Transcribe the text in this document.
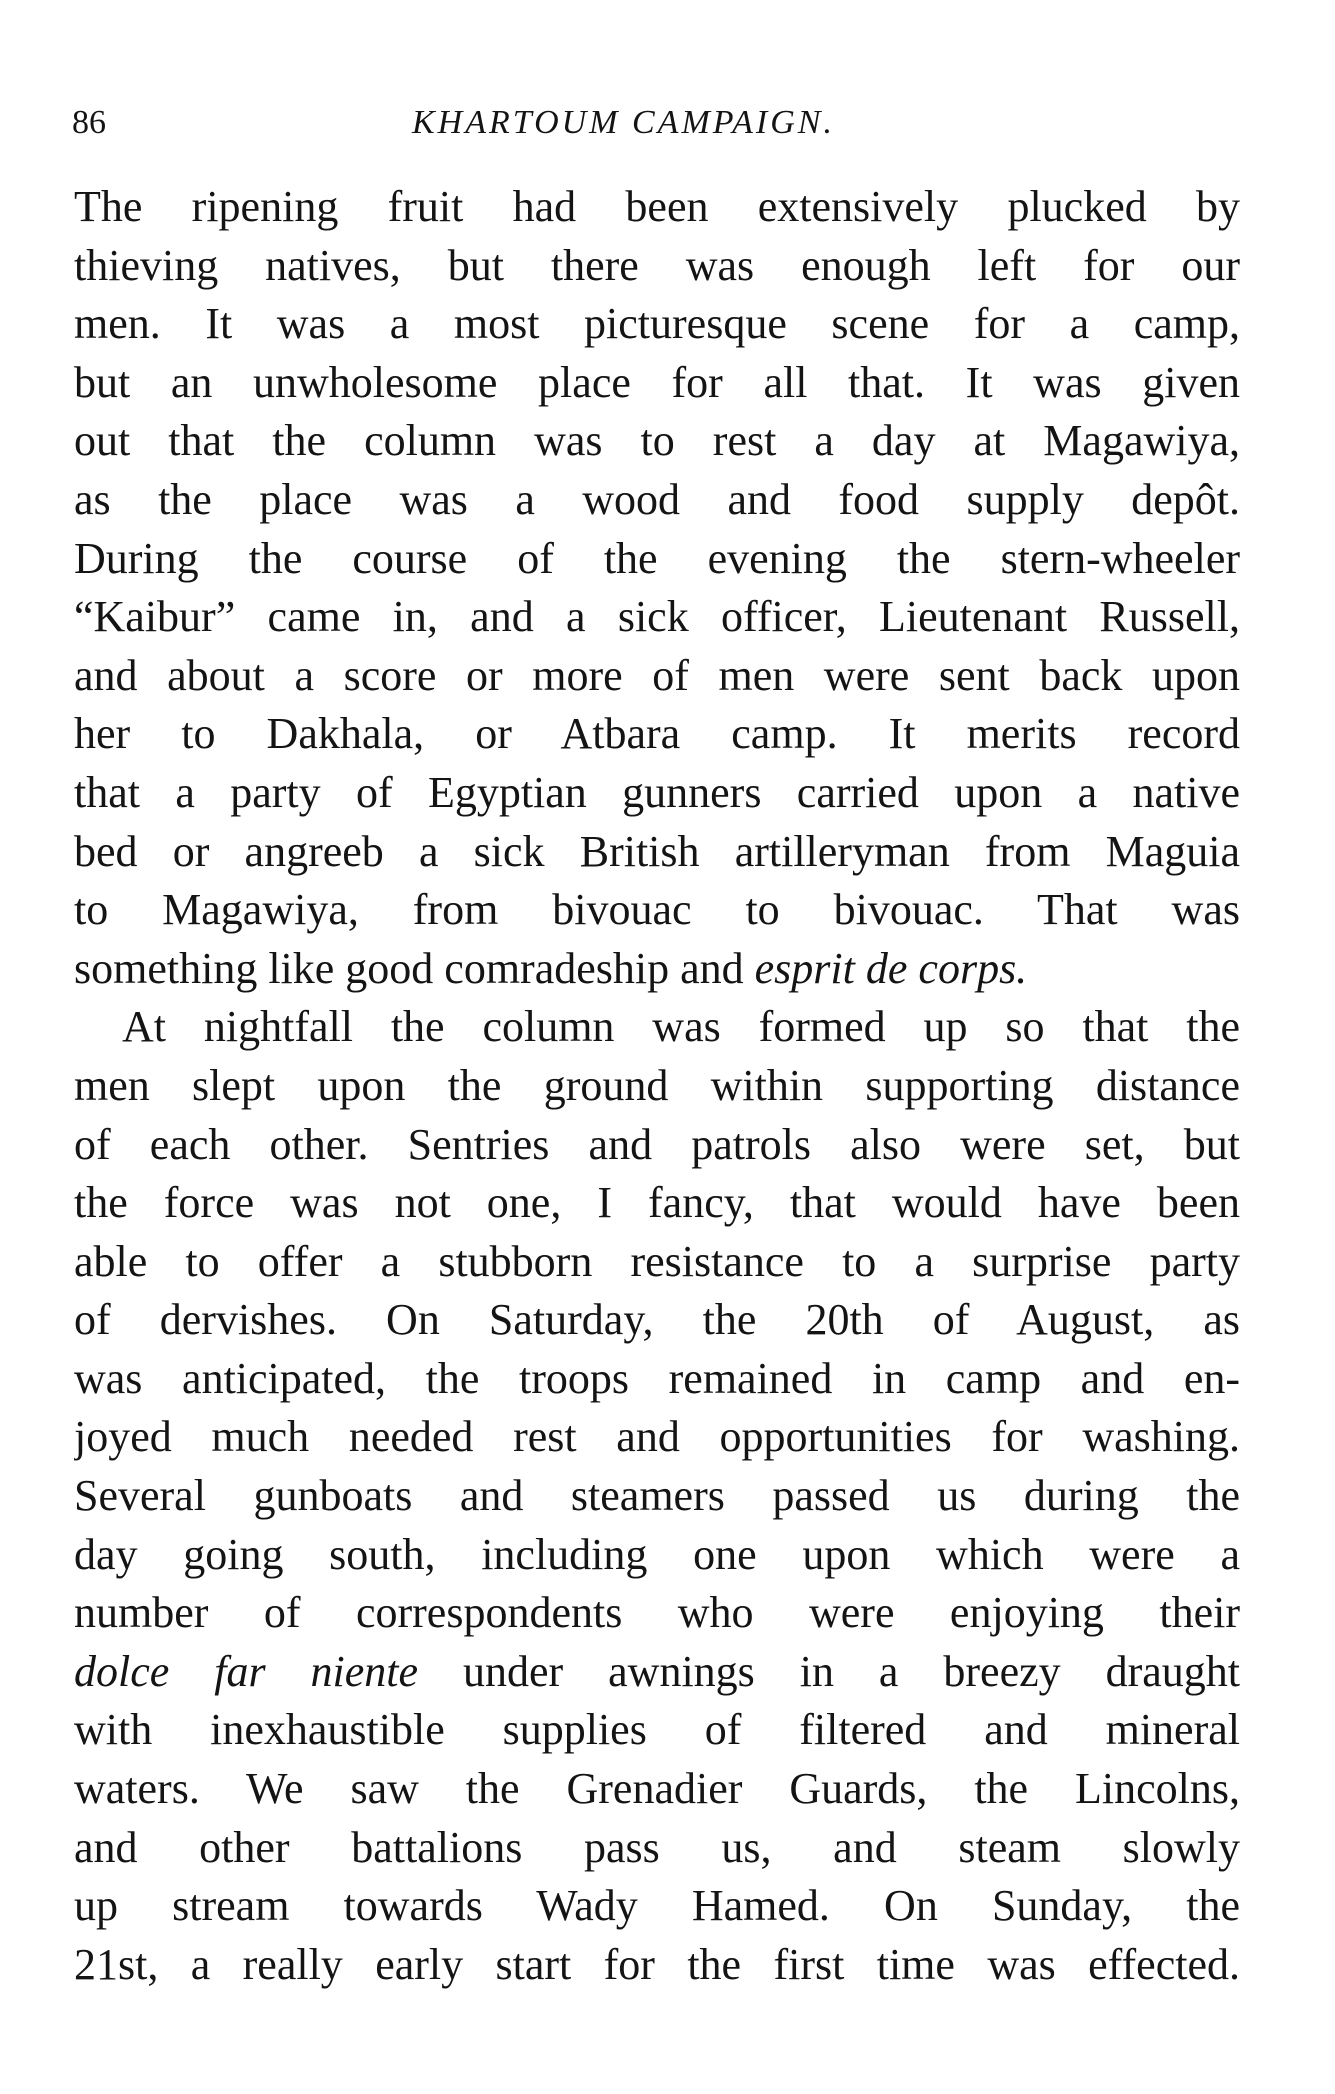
86	KHARTOUM CAMPAIGN.
The ripening fruit had been extensively plucked by
thieving natives, but there was enough left for our
men. It was a most picturesque scene for a camp,
but an unwholesome place for all that. It was given
out that the column was to rest a day at Magawiya,
as the place was a wood and food supply depôt.
During the course of the evening the stern-wheeler
“Kaibur” came in, and a sick officer, Lieutenant Russell,
and about a score or more of men were sent back upon
her to Dakhala, or Atbara camp. It merits record
that a party of Egyptian gunners carried upon a native
bed or angreeb a sick British artilleryman from Maguia
to Magawiya, from bivouac to bivouac. That was
something like good comradeship and esprit de corps.
At nightfall the column was formed up so that the
men slept upon the ground within supporting distance
of each other. Sentries and patrols also were set, but
the force was not one, I fancy, that would have been
able to offer a stubborn resistance to a surprise party
of dervishes. On Saturday, the 20th of August, as
was anticipated, the troops remained in camp and en-
joyed much needed rest and opportunities for washing.
Several gunboats and steamers passed us during the
day going south, including one upon which were a
number of correspondents who were enjoying their
dolce far niente under awnings in a breezy draught
with inexhaustible supplies of filtered and mineral
waters. We saw the Grenadier Guards, the Lincolns,
and other battalions pass us, and steam slowly
up stream towards Wady Hamed. On Sunday, the
21st, a really early start for the first time was effected.
